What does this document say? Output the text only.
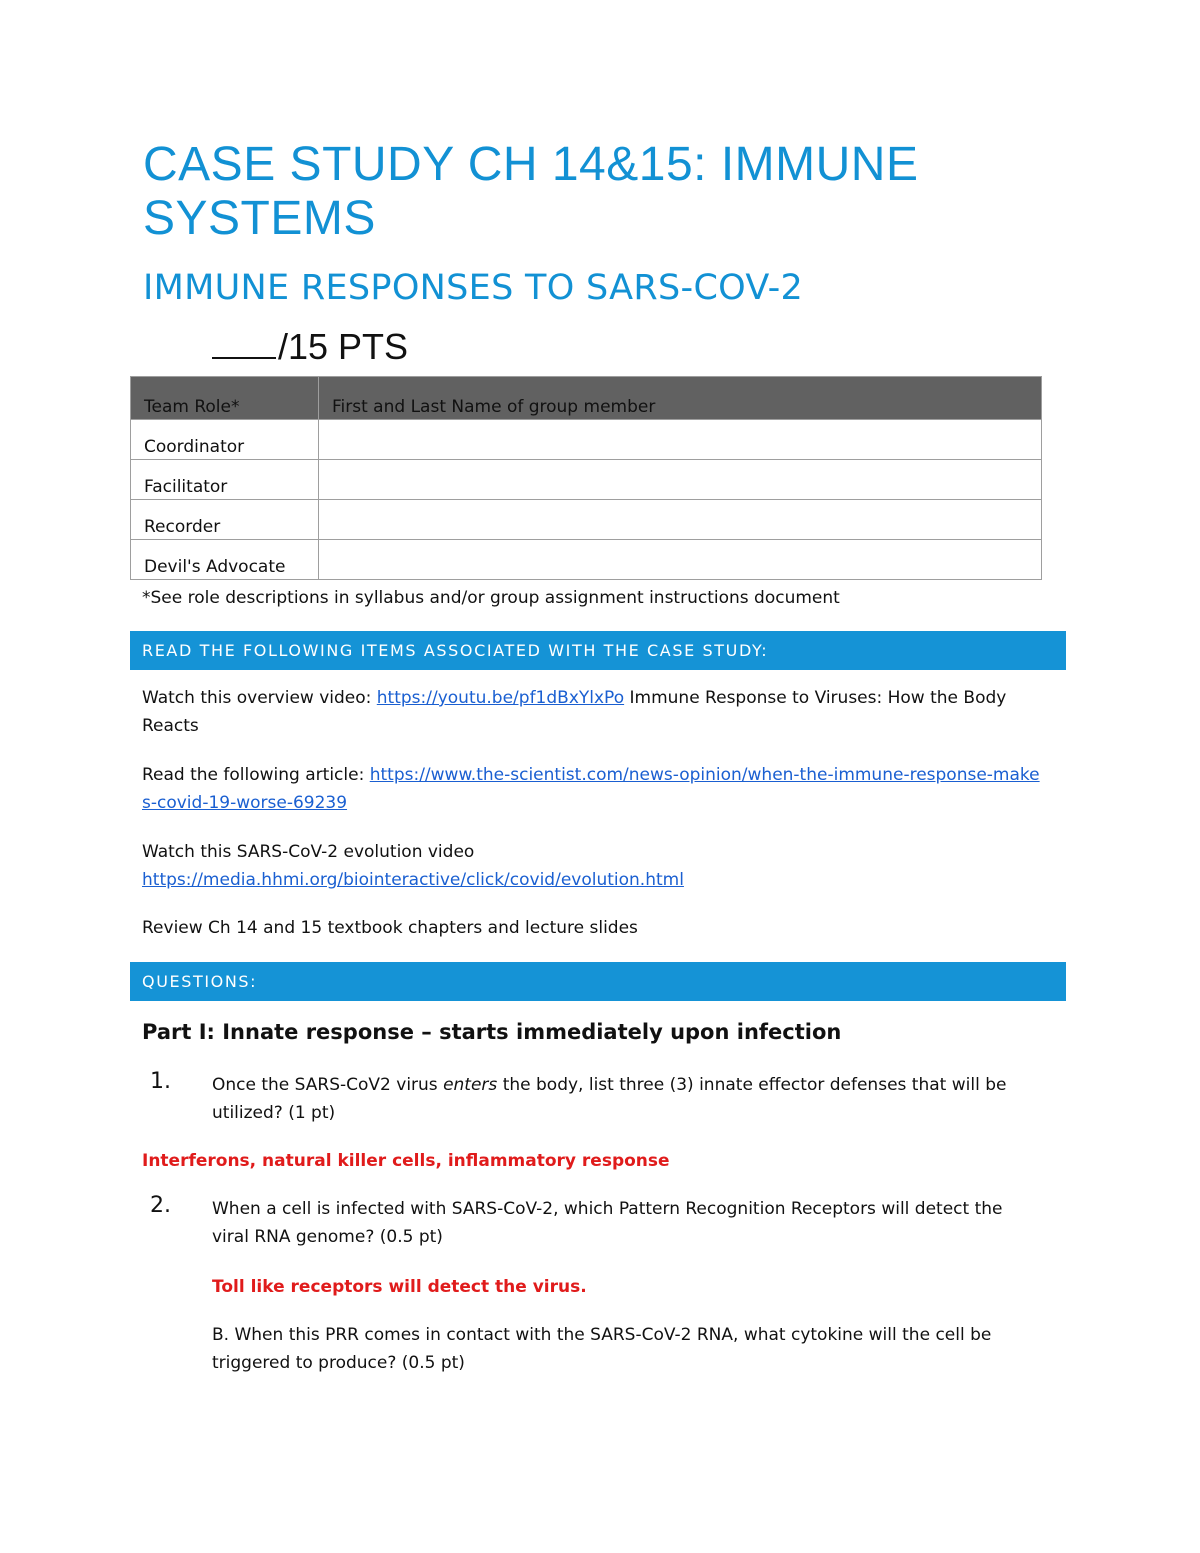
CASE STUDY CH 14&15: IMMUNE SYSTEMS
IMMUNE RESPONSES TO SARS-COV-2
/15 PTS
Team Role*	First and Last Name of group member
Coordinator	
Facilitator	
Recorder	
Devil's Advocate	
*See role descriptions in syllabus and/or group assignment instructions document
READ THE FOLLOWING ITEMS ASSOCIATED WITH THE CASE STUDY:

Watch this overview video: https://youtu.be/pf1dBxYlxPo Immune Response to Viruses: How the Body Reacts

Read the following article: https://www.the-scientist.com/news-opinion/when-the-immune-response-makes-covid-19-worse-69239

Watch this SARS-CoV-2 evolution video
https://media.hhmi.org/biointeractive/click/covid/evolution.html

Review Ch 14 and 15 textbook chapters and lecture slides

QUESTIONS:
Part I: Innate response – starts immediately upon infection
1. Once the SARS-CoV2 virus enters the body, list three (3) innate effector defenses that will be utilized? (1 pt)
Interferons, natural killer cells, inflammatory response
2. When a cell is infected with SARS-CoV-2, which Pattern Recognition Receptors will detect the viral RNA genome? (0.5 pt)
Toll like receptors will detect the virus.
B. When this PRR comes in contact with the SARS-CoV-2 RNA, what cytokine will the cell be triggered to produce? (0.5 pt)
